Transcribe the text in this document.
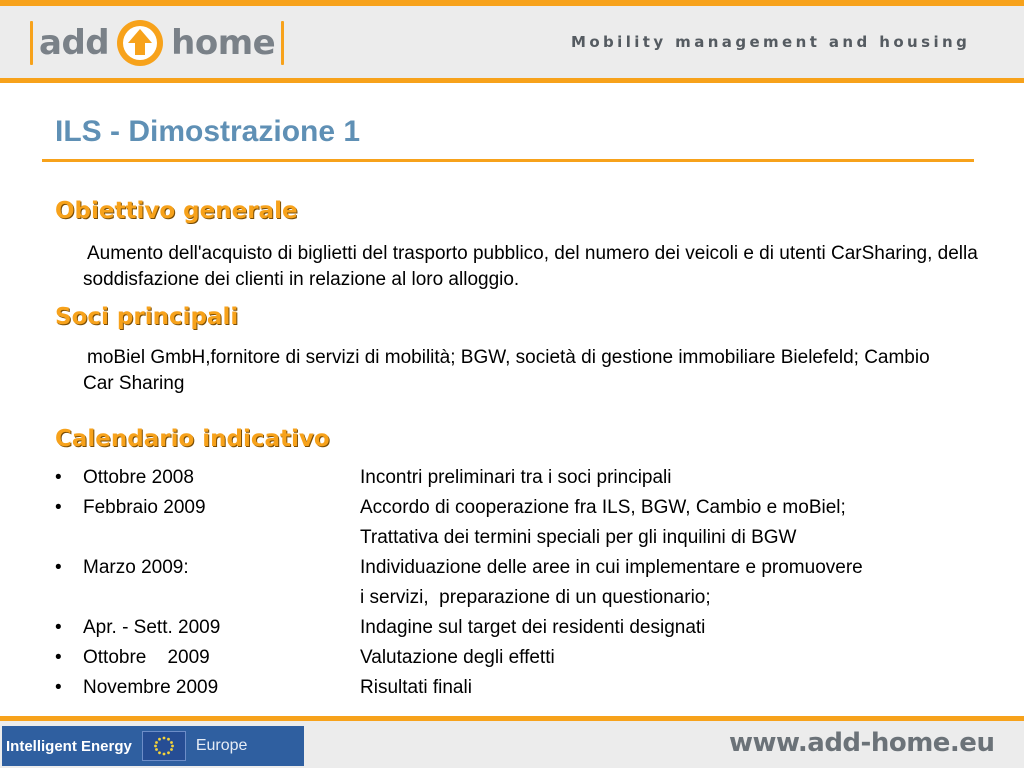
add home	Mobility management and housing
ILS - Dimostrazione 1
Obiettivo generale
Aumento dell'acquisto di biglietti del trasporto pubblico, del numero dei veicoli e di utenti CarSharing, della soddisfazione dei clienti in relazione al loro alloggio.
Soci principali
moBiel GmbH,fornitore di servizi di mobilità; BGW, società di gestione immobiliare Bielefeld; Cambio Car Sharing
Calendario indicativo
• Ottobre 2008	Incontri preliminari tra i soci principali
• Febbraio 2009	Accordo di cooperazione fra ILS, BGW, Cambio e moBiel;
Trattativa dei termini speciali per gli inquilini di BGW
• Marzo 2009:	Individuazione delle aree in cui implementare e promuovere
i servizi,  preparazione di un questionario;
• Apr. - Sett. 2009	Indagine sul target dei residenti designati
• Ottobre    2009	Valutazione degli effetti
• Novembre 2009	Risultati finali
Intelligent Energy	Europe	www.add-home.eu
